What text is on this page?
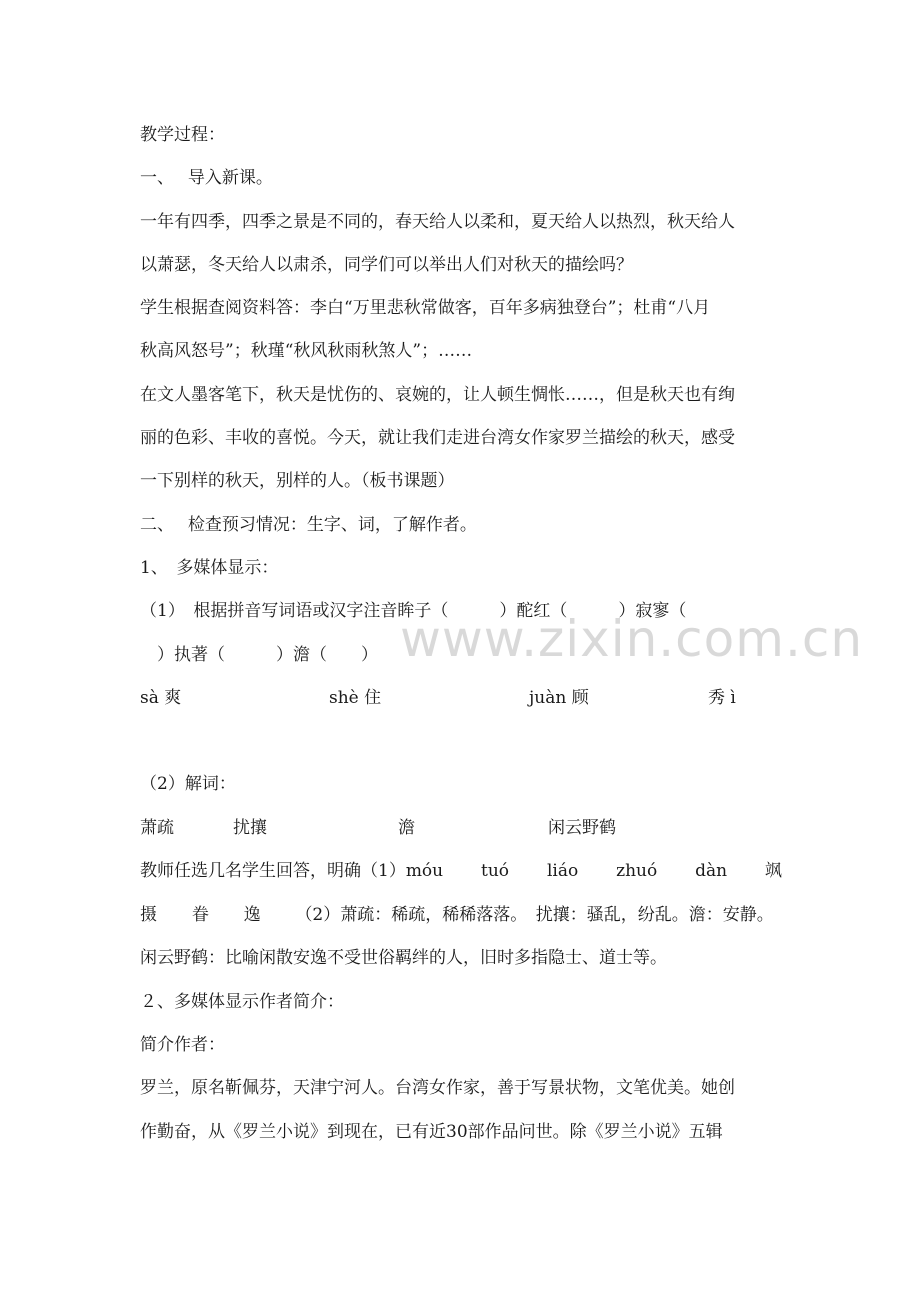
www.zixin.com.cn
教学过程：
一、　 导入新课。
一年有四季，四季之景是不同的，春天给人以柔和，夏天给人以热烈，秋天给人
以萧瑟，冬天给人以肃杀，同学们可以举出人们对秋天的描绘吗？
学生根据查阅资料答：李白“万里悲秋常做客，百年多病独登台”；杜甫“八月
秋高风怒号”；秋瑾“秋风秋雨秋煞人”；……
在文人墨客笔下，秋天是忧伤的、哀婉的，让人顿生惆怅……，但是秋天也有绚
丽的色彩、丰收的喜悦。今天，就让我们走进台湾女作家罗兰描绘的秋天，感受
一下别样的秋天，别样的人。（板书课题）
二、　 检查预习情况：生字、词，了解作者。
1、　多媒体显示：
（1）　根据拼音写词语或汉字注音眸子（　　　）酡红（　　　）寂寥（
　）执著（　　　）澹（　　）
sà 爽	shè 住	juàn 顾	秀 ì
（2）解词：
萧疏	扰攘	澹	闲云野鹤
教师任选几名学生回答，明确（1）móu tuó liáo zhuó dàn 飒
摄 眷 逸 （2）萧疏：稀疏，稀稀落落。　扰攘：骚乱，纷乱。澹：安静。
闲云野鹤：比喻闲散安逸不受世俗羁绊的人，旧时多指隐士、道士等。
２、多媒体显示作者简介：
简介作者：
罗兰，原名靳佩芬，天津宁河人。台湾女作家，善于写景状物，文笔优美。她创
作勤奋，从《罗兰小说》到现在，已有近30部作品问世。除《罗兰小说》五辑
